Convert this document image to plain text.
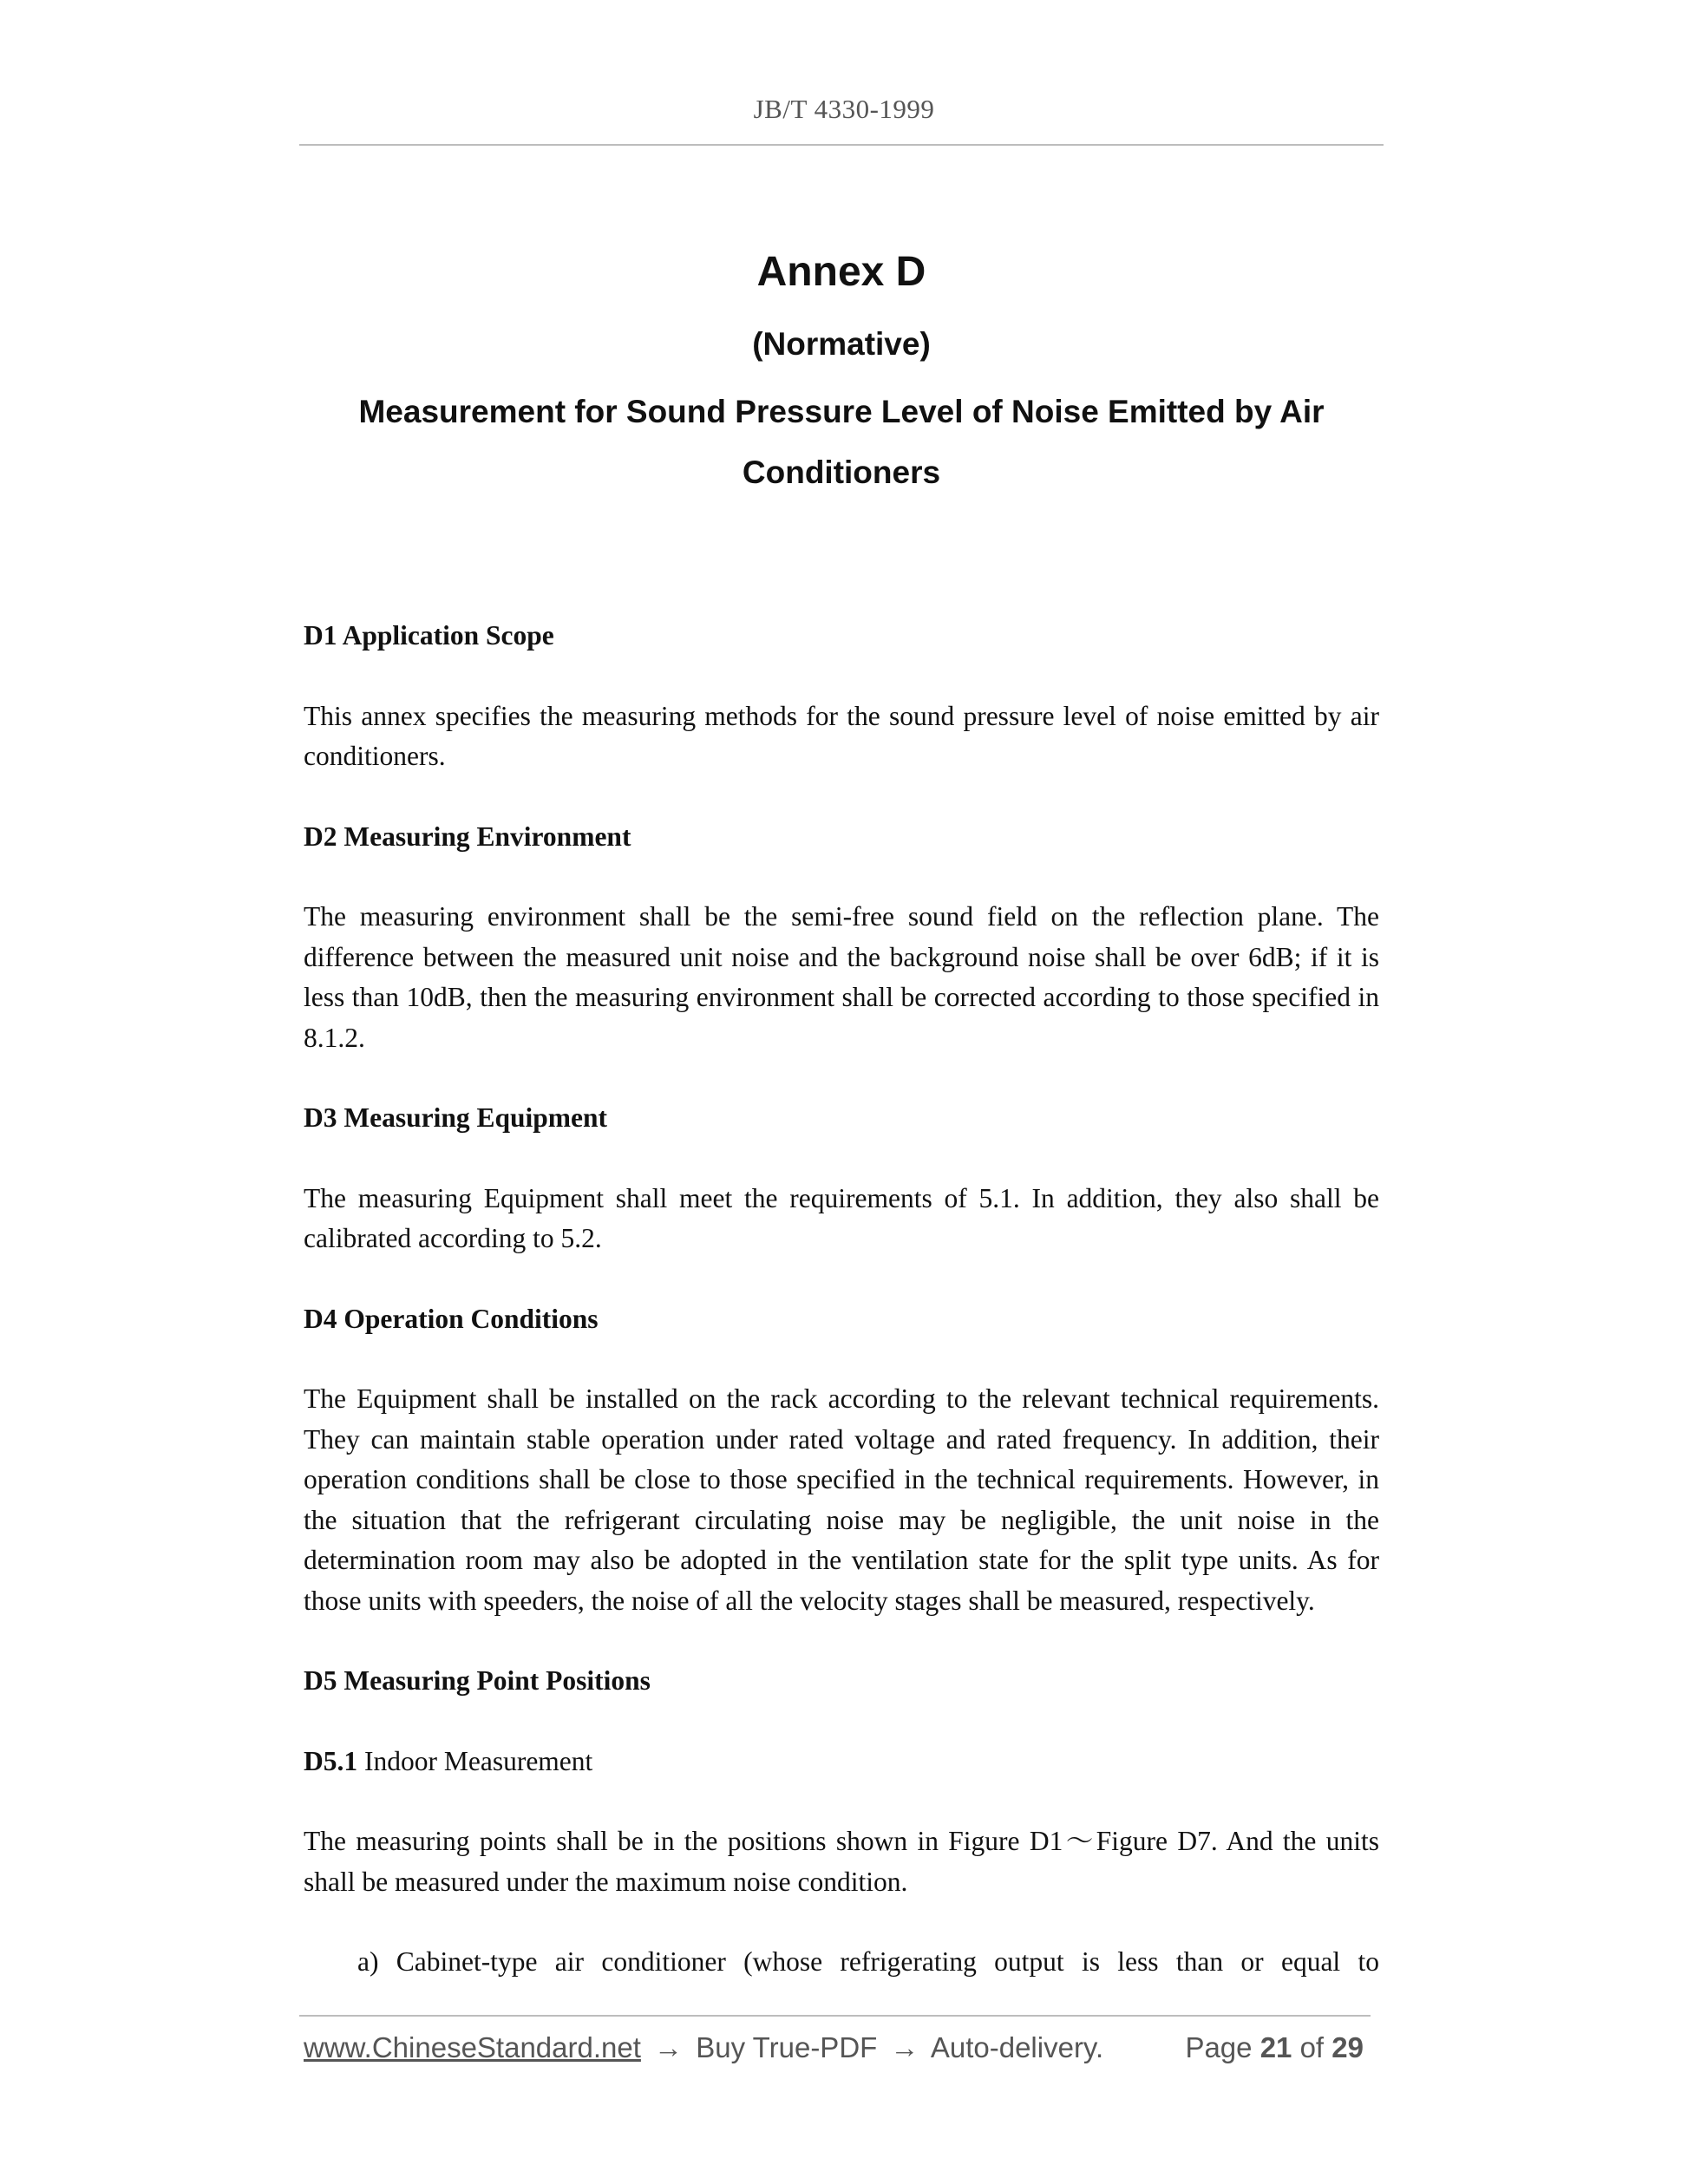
JB/T 4330-1999
Annex D
(Normative)
Measurement for Sound Pressure Level of Noise Emitted by Air
Conditioners
D1 Application Scope

This annex specifies the measuring methods for the sound pressure level of noise emitted by air conditioners.

D2 Measuring Environment

The measuring environment shall be the semi-free sound field on the reflection plane. The difference between the measured unit noise and the background noise shall be over 6dB; if it is less than 10dB, then the measuring environment shall be corrected according to those specified in 8.1.2.

D3 Measuring Equipment

The measuring Equipment shall meet the requirements of 5.1. In addition, they also shall be calibrated according to 5.2.

D4 Operation Conditions

The Equipment shall be installed on the rack according to the relevant technical requirements. They can maintain stable operation under rated voltage and rated frequency. In addition, their operation conditions shall be close to those specified in the technical requirements. However, in the situation that the refrigerant circulating noise may be negligible, the unit noise in the determination room may also be adopted in the ventilation state for the split type units. As for those units with speeders, the noise of all the velocity stages shall be measured, respectively.

D5 Measuring Point Positions

D5.1 Indoor Measurement

The measuring points shall be in the positions shown in Figure D1～Figure D7. And the units shall be measured under the maximum noise condition.

a) Cabinet-type air conditioner (whose refrigerating output is less than or equal to

www.ChineseStandard.net → Buy True-PDF → Auto-delivery.	Page 21 of 29
